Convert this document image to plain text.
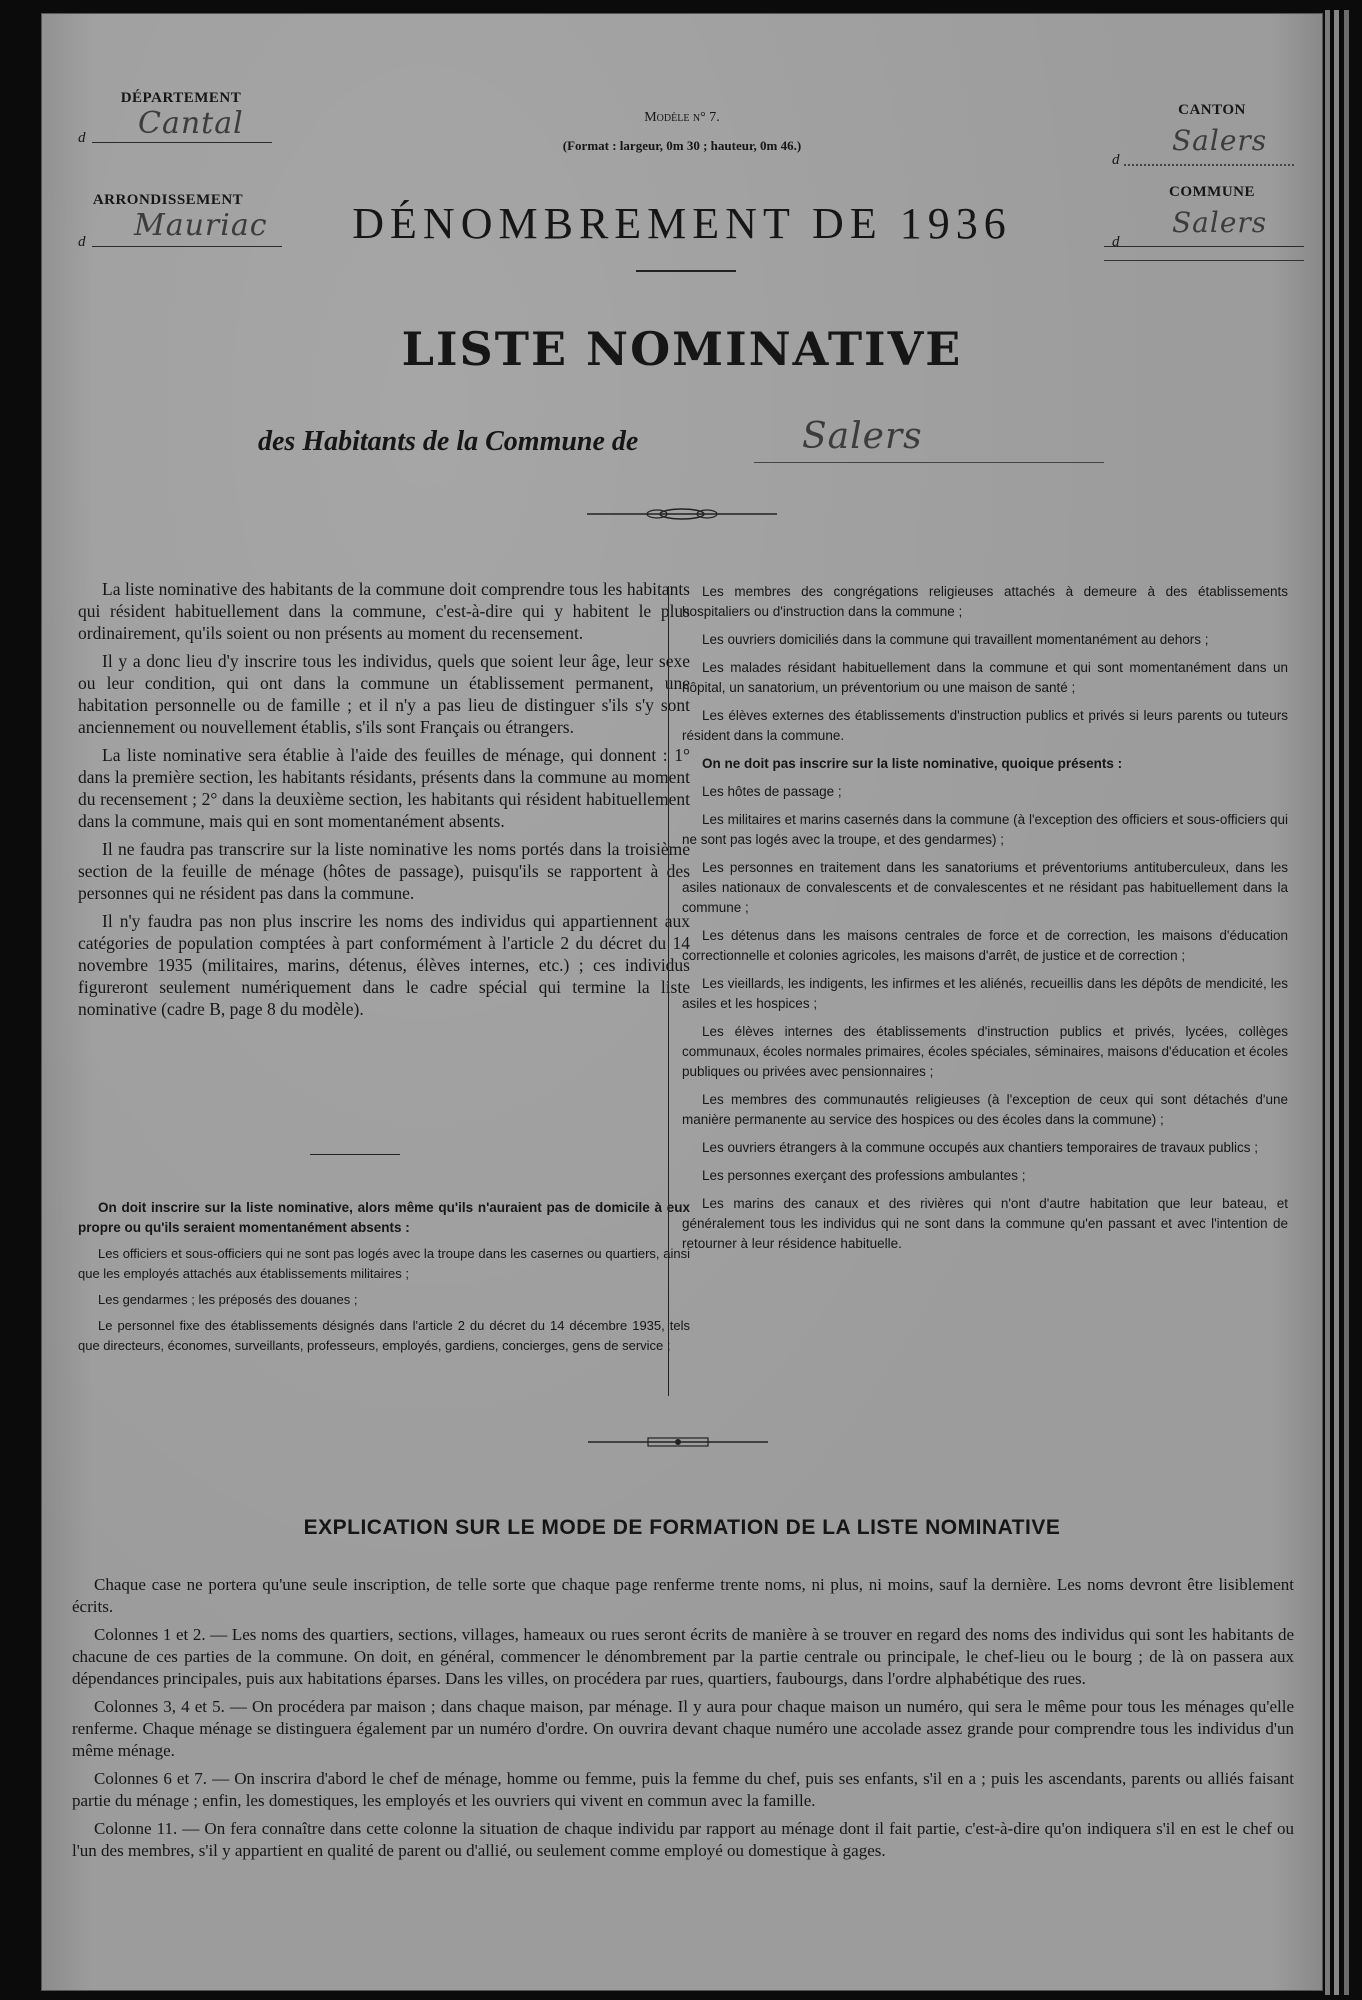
DÉPARTEMENT
d Cantal
ARRONDISSEMENT
d Mauriac
Modèle n° 7.
(Format : largeur, 0m 30 ; hauteur, 0m 46.)
CANTON
d
Salers
COMMUNE
d
Salers
DÉNOMBREMENT DE 1936
LISTE NOMINATIVE
des Habitants de la Commune de	Salers

La liste nominative des habitants de la commune doit comprendre tous les habitants qui résident habituellement dans la commune, c'est-à-dire qui y habitent le plus ordinairement, qu'ils soient ou non présents au moment du recensement.

Il y a donc lieu d'y inscrire tous les individus, quels que soient leur âge, leur sexe ou leur condition, qui ont dans la commune un établissement permanent, une habitation personnelle ou de famille ; et il n'y a pas lieu de distinguer s'ils s'y sont anciennement ou nouvellement établis, s'ils sont Français ou étrangers.

La liste nominative sera établie à l'aide des feuilles de ménage, qui donnent : 1° dans la première section, les habitants résidants, présents dans la commune au moment du recensement ; 2° dans la deuxième section, les habitants qui résident habituellement dans la commune, mais qui en sont momentanément absents.

Il ne faudra pas transcrire sur la liste nominative les noms portés dans la troisième section de la feuille de ménage (hôtes de passage), puisqu'ils se rapportent à des personnes qui ne résident pas dans la commune.

Il n'y faudra pas non plus inscrire les noms des individus qui appartiennent aux catégories de population comptées à part conformément à l'article 2 du décret du 14 novembre 1935 (militaires, marins, détenus, élèves internes, etc.) ; ces individus figureront seulement numériquement dans le cadre spécial qui termine la liste nominative (cadre B, page 8 du modèle).

On doit inscrire sur la liste nominative, alors même qu'ils n'auraient pas de domicile à eux propre ou qu'ils seraient momentanément absents :

Les officiers et sous-officiers qui ne sont pas logés avec la troupe dans les casernes ou quartiers, ainsi que les employés attachés aux établissements militaires ;

Les gendarmes ; les préposés des douanes ;

Le personnel fixe des établissements désignés dans l'article 2 du décret du 14 décembre 1935, tels que directeurs, économes, surveillants, professeurs, employés, gardiens, concierges, gens de service ;

Les membres des congrégations religieuses attachés à demeure à des établissements hospitaliers ou d'instruction dans la commune ;

Les ouvriers domiciliés dans la commune qui travaillent momentanément au dehors ;

Les malades résidant habituellement dans la commune et qui sont momentanément dans un hôpital, un sanatorium, un préventorium ou une maison de santé ;

Les élèves externes des établissements d'instruction publics et privés si leurs parents ou tuteurs résident dans la commune.

On ne doit pas inscrire sur la liste nominative, quoique présents :

Les hôtes de passage ;

Les militaires et marins casernés dans la commune (à l'exception des officiers et sous-officiers qui ne sont pas logés avec la troupe, et des gendarmes) ;

Les personnes en traitement dans les sanatoriums et préventoriums antituberculeux, dans les asiles nationaux de convalescents et de convalescentes et ne résidant pas habituellement dans la commune ;

Les détenus dans les maisons centrales de force et de correction, les maisons d'éducation correctionnelle et colonies agricoles, les maisons d'arrêt, de justice et de correction ;

Les vieillards, les indigents, les infirmes et les aliénés, recueillis dans les dépôts de mendicité, les asiles et les hospices ;

Les élèves internes des établissements d'instruction publics et privés, lycées, collèges communaux, écoles normales primaires, écoles spéciales, séminaires, maisons d'éducation et écoles publiques ou privées avec pensionnaires ;

Les membres des communautés religieuses (à l'exception de ceux qui sont détachés d'une manière permanente au service des hospices ou des écoles dans la commune) ;

Les ouvriers étrangers à la commune occupés aux chantiers temporaires de travaux publics ;

Les personnes exerçant des professions ambulantes ;

Les marins des canaux et des rivières qui n'ont d'autre habitation que leur bateau, et généralement tous les individus qui ne sont dans la commune qu'en passant et avec l'intention de retourner à leur résidence habituelle.

EXPLICATION SUR LE MODE DE FORMATION DE LA LISTE NOMINATIVE

Chaque case ne portera qu'une seule inscription, de telle sorte que chaque page renferme trente noms, ni plus, ni moins, sauf la dernière. Les noms devront être lisiblement écrits.

Colonnes 1 et 2. — Les noms des quartiers, sections, villages, hameaux ou rues seront écrits de manière à se trouver en regard des noms des individus qui sont les habitants de chacune de ces parties de la commune. On doit, en général, commencer le dénombrement par la partie centrale ou principale, le chef-lieu ou le bourg ; de là on passera aux dépendances principales, puis aux habitations éparses. Dans les villes, on procédera par rues, quartiers, faubourgs, dans l'ordre alphabétique des rues.

Colonnes 3, 4 et 5. — On procédera par maison ; dans chaque maison, par ménage. Il y aura pour chaque maison un numéro, qui sera le même pour tous les ménages qu'elle renferme. Chaque ménage se distinguera également par un numéro d'ordre. On ouvrira devant chaque numéro une accolade assez grande pour comprendre tous les individus d'un même ménage.

Colonnes 6 et 7. — On inscrira d'abord le chef de ménage, homme ou femme, puis la femme du chef, puis ses enfants, s'il en a ; puis les ascendants, parents ou alliés faisant partie du ménage ; enfin, les domestiques, les employés et les ouvriers qui vivent en commun avec la famille.

Colonne 11. — On fera connaître dans cette colonne la situation de chaque individu par rapport au ménage dont il fait partie, c'est-à-dire qu'on indiquera s'il en est le chef ou l'un des membres, s'il y appartient en qualité de parent ou d'allié, ou seulement comme employé ou domestique à gages.
